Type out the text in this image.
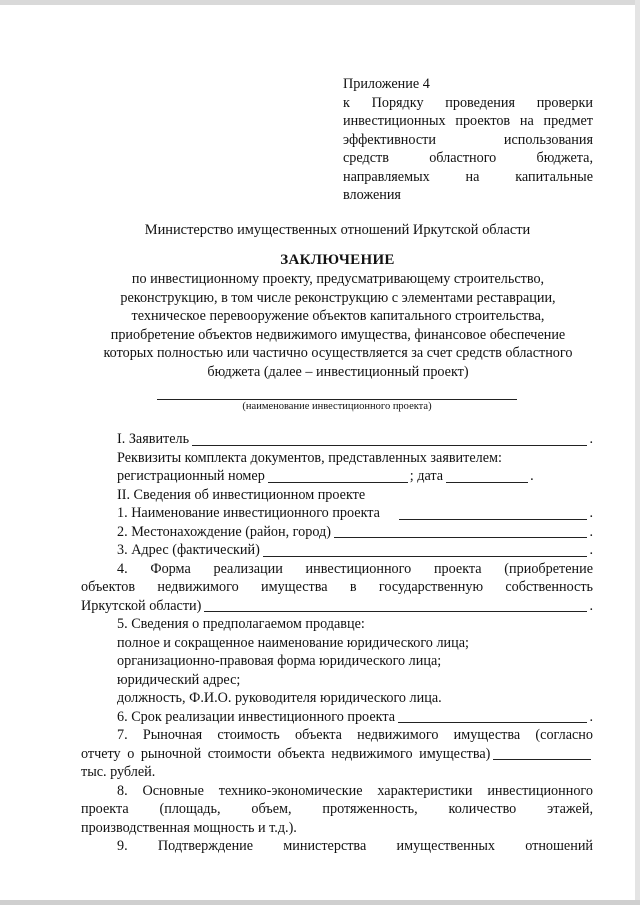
Приложение 4
к Порядку проведения проверки
инвестиционных проектов на предмет
эффективности использования
средств областного бюджета,
направляемых на капитальные
вложения
Министерство имущественных отношений Иркутской области
ЗАКЛЮЧЕНИЕ
по инвестиционному проекту, предусматривающему строительство,
реконструкцию, в том числе реконструкцию с элементами реставрации,
техническое перевооружение объектов капитального строительства,
приобретение объектов недвижимого имущества, финансовое обеспечение
которых полностью или частично осуществляется за счет средств областного
бюджета (далее – инвестиционный проект)
(наименование инвестиционного проекта)
I. Заявитель	.
Реквизиты комплекта документов, представленных заявителем:
регистрационный номер	; дата	.
II. Сведения об инвестиционном проекте
1. Наименование инвестиционного проекта	.
2. Местонахождение (район, город)	.
3. Адрес (фактический)	.
4. Форма реализации инвестиционного проекта (приобретение
объектов недвижимого имущества в государственную собственность
Иркутской области)	.
5. Сведения о предполагаемом продавце:
полное и сокращенное наименование юридического лица;
организационно-правовая форма юридического лица;
юридический адрес;
должность, Ф.И.О. руководителя юридического лица.
6. Срок реализации инвестиционного проекта	.
7. Рыночная стоимость объекта недвижимого имущества (согласно
отчету о рыночной стоимости объекта недвижимого имущества)
тыс. рублей.
8. Основные технико-экономические характеристики инвестиционного
проекта (площадь, объем, протяженность, количество этажей,
производственная мощность и т.д.).
9. Подтверждение министерства имущественных отношений
